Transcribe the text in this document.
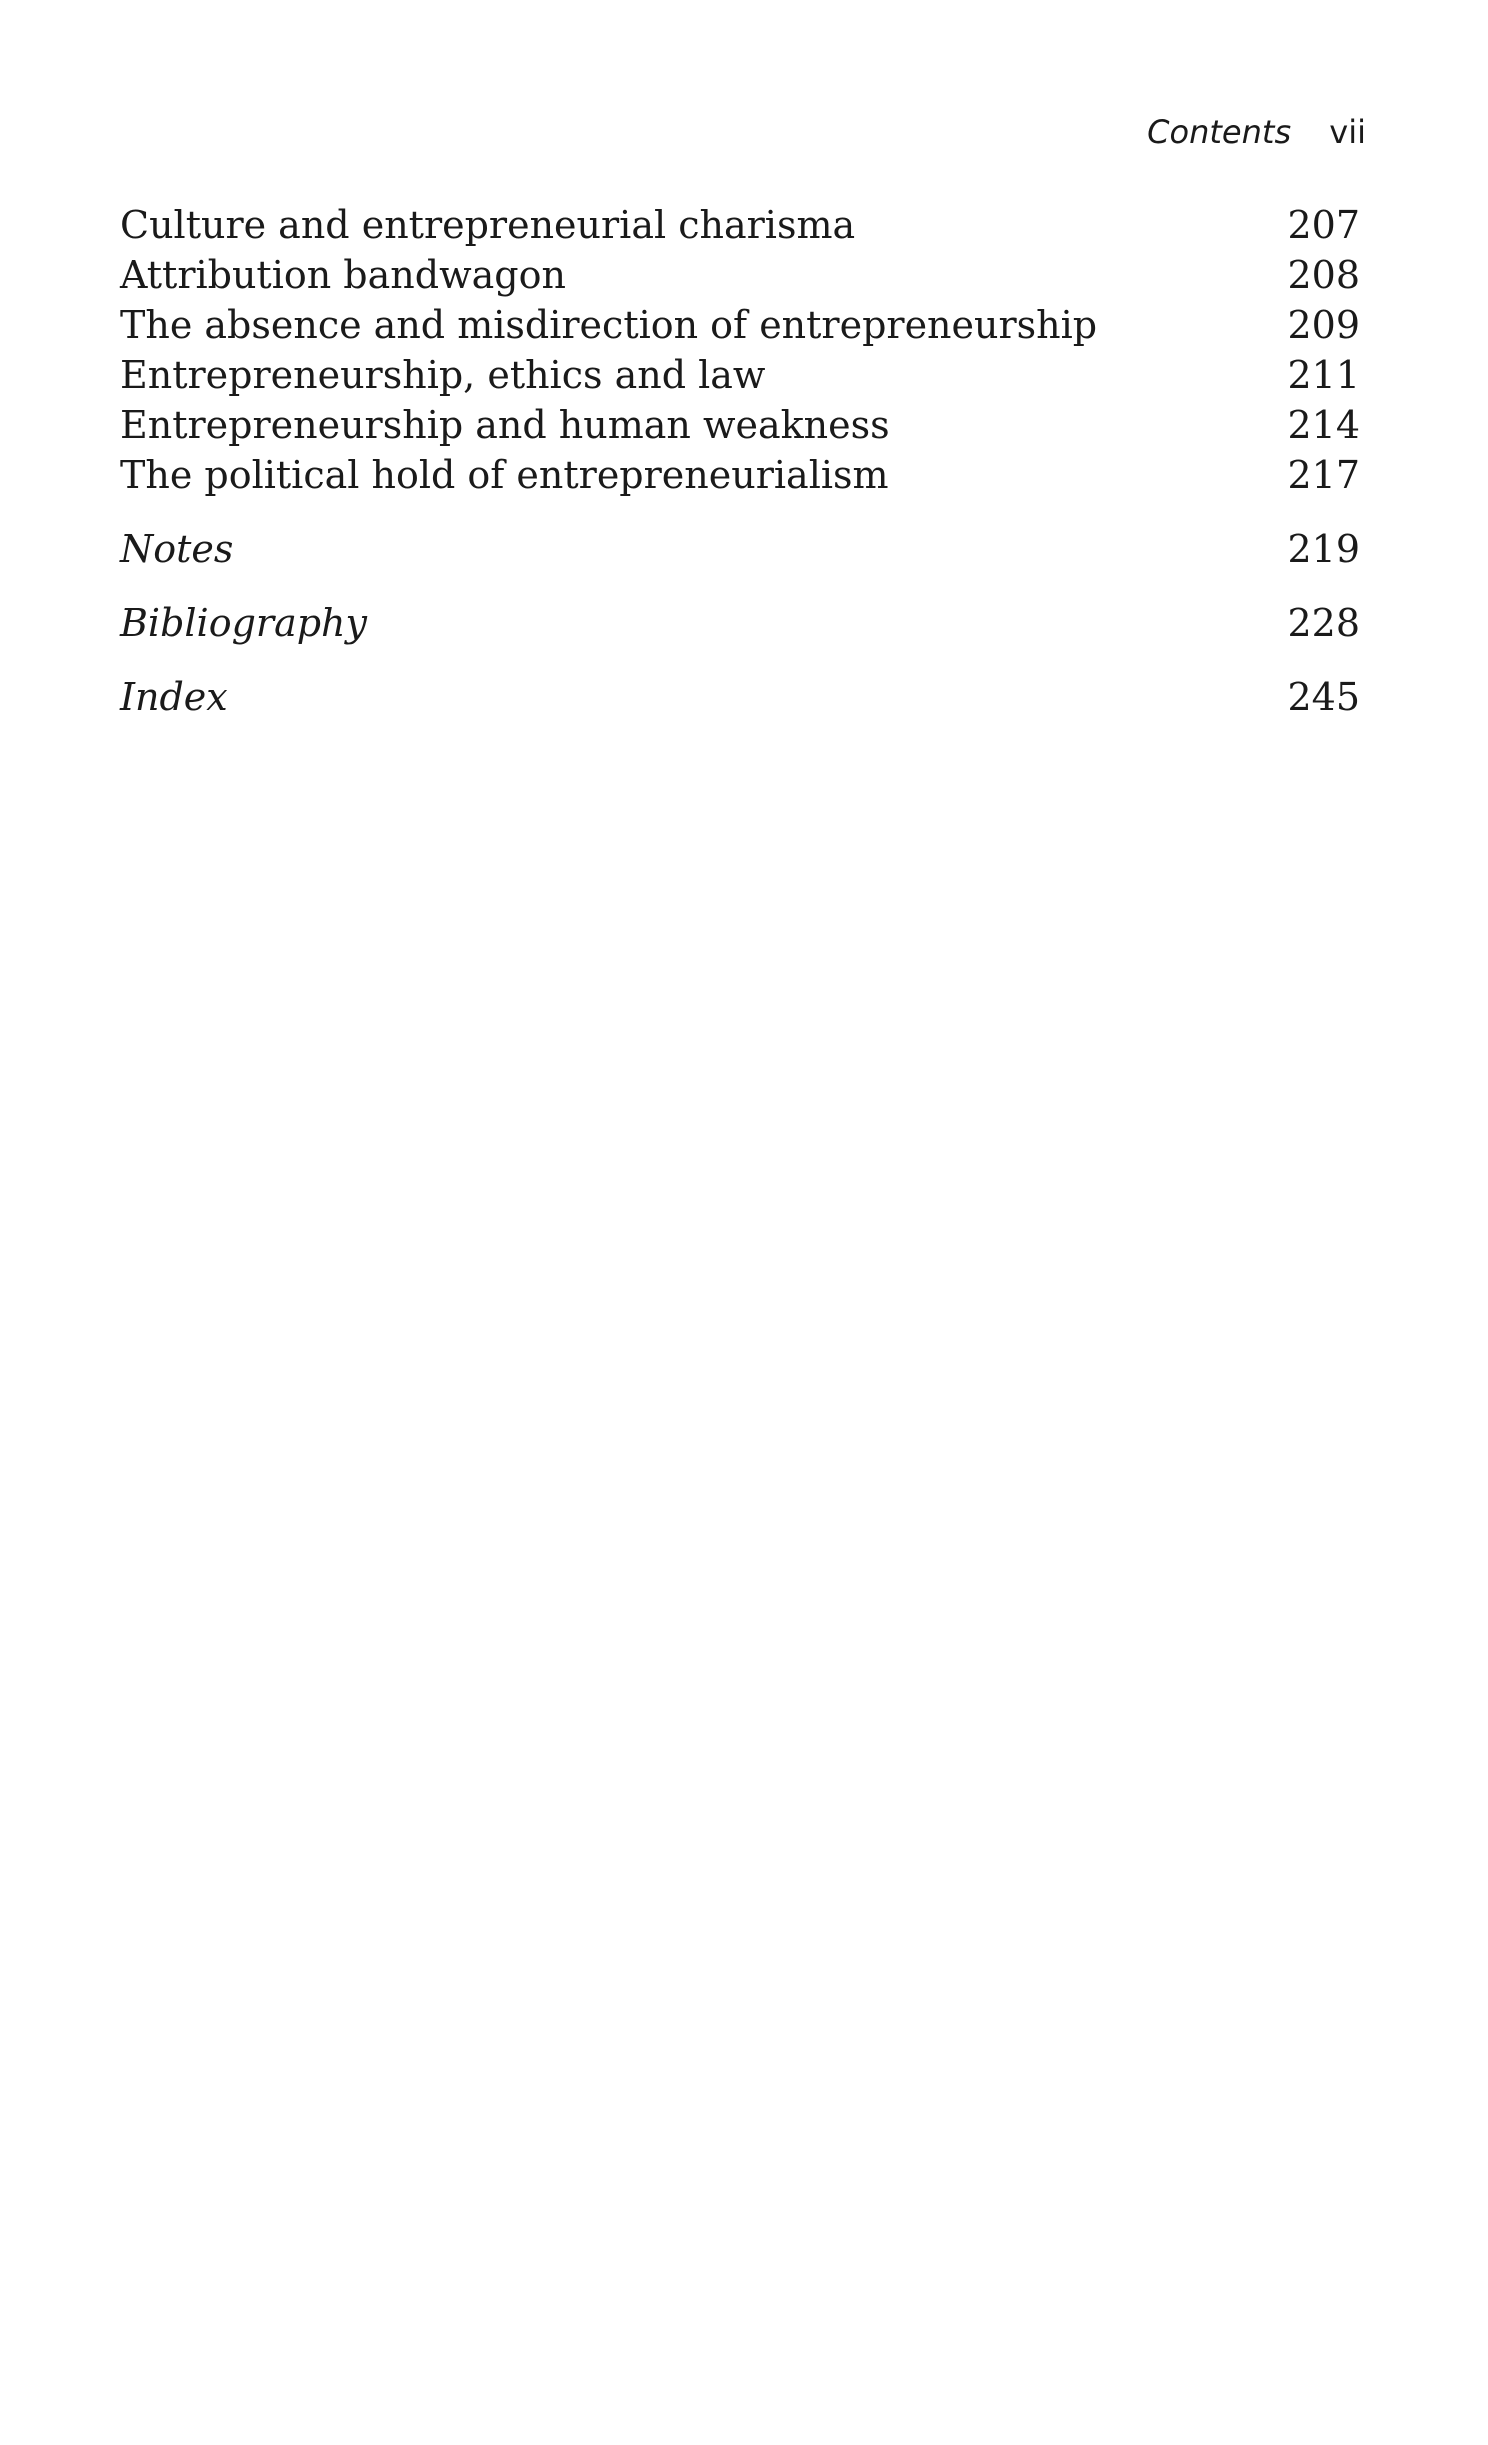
Contents vii
Culture and entrepreneurial charisma	207
Attribution bandwagon	208
The absence and misdirection of entrepreneurship	209
Entrepreneurship, ethics and law	211
Entrepreneurship and human weakness	214
The political hold of entrepreneurialism	217
Notes	219
Bibliography	228
Index	245
